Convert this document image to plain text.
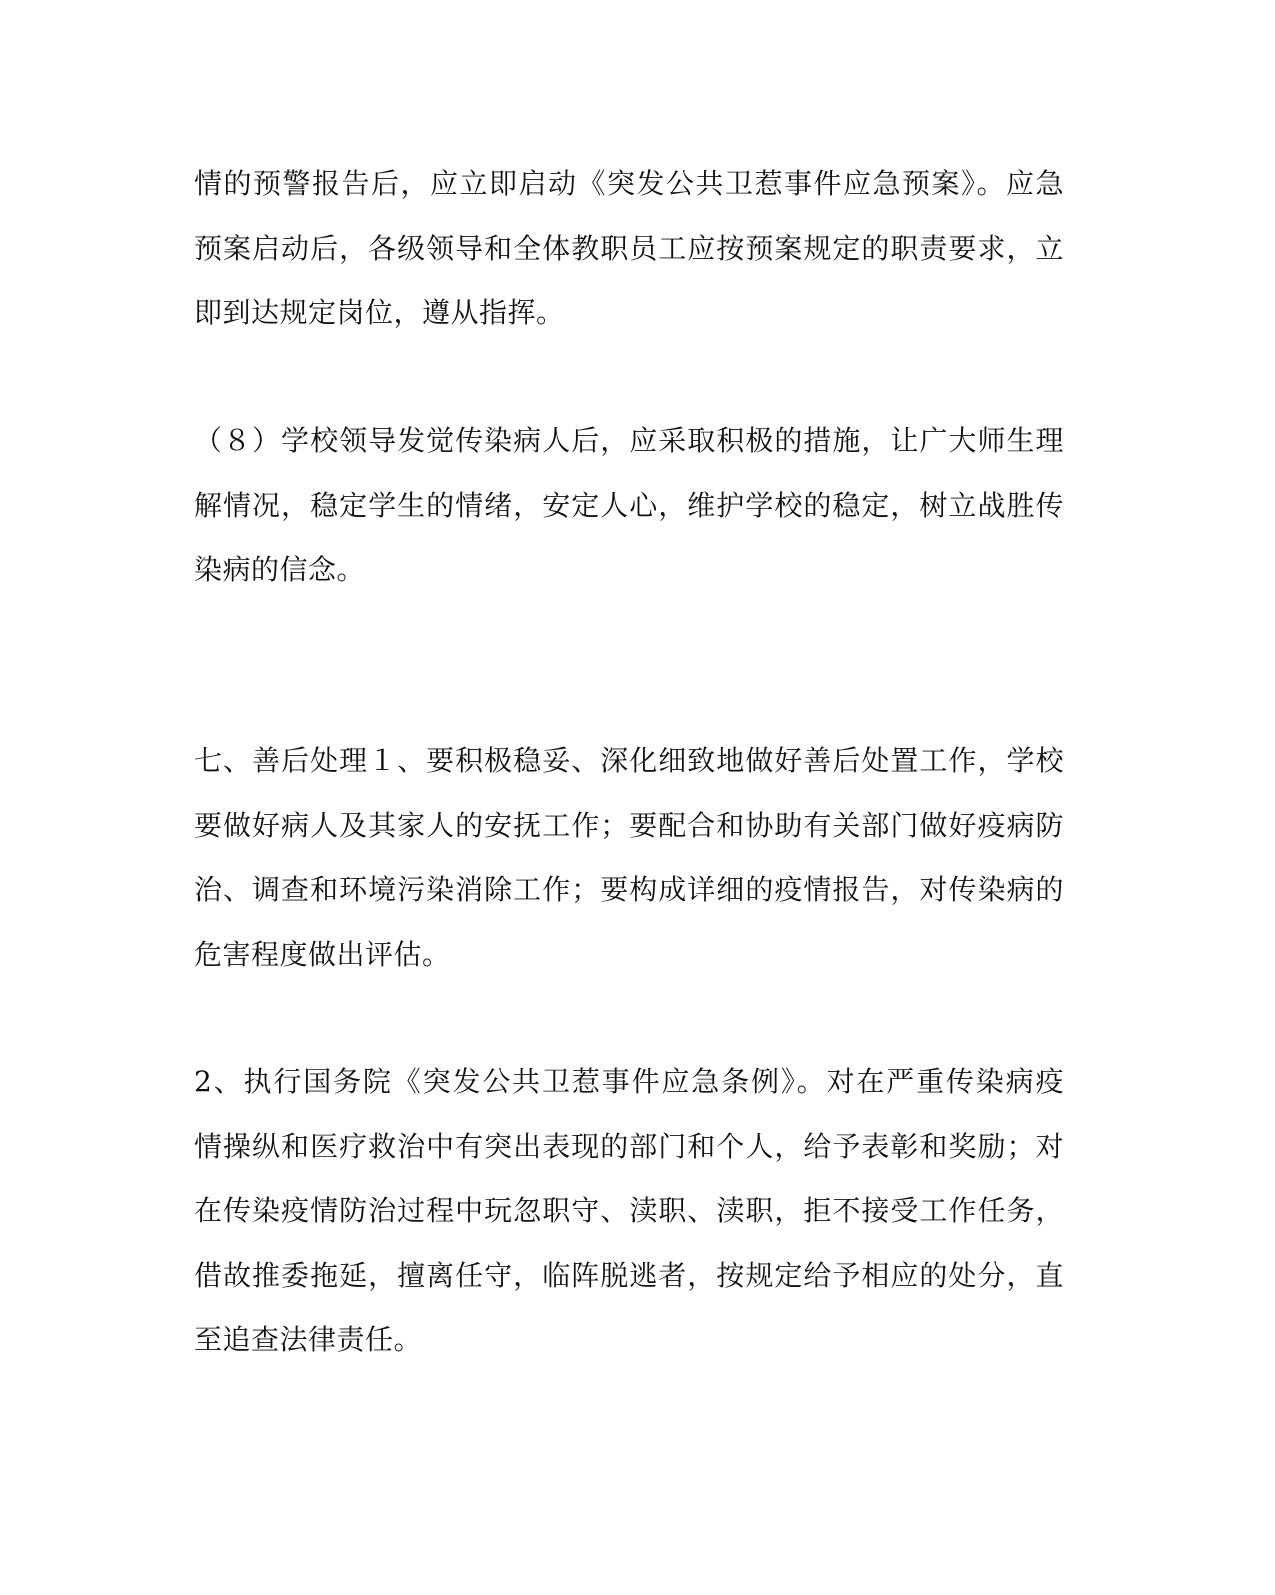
情的预警报告后，应立即启动《突发公共卫惹事件应急预案》。应急
预案启动后，各级领导和全体教职员工应按预案规定的职责要求，立
即到达规定岗位，遵从指挥。

（８）学校领导发觉传染病人后，应采取积极的措施，让广大师生理
解情况，稳定学生的情绪，安定人心，维护学校的稳定，树立战胜传
染病的信念。

七、善后处理１、要积极稳妥、深化细致地做好善后处置工作，学校
要做好病人及其家人的安抚工作；要配合和协助有关部门做好疫病防
治、调查和环境污染消除工作；要构成详细的疫情报告，对传染病的
危害程度做出评估。

2、执行国务院《突发公共卫惹事件应急条例》。对在严重传染病疫
情操纵和医疗救治中有突出表现的部门和个人，给予表彰和奖励；对
在传染疫情防治过程中玩忽职守、渎职、渎职，拒不接受工作任务，
借故推委拖延，擅离任守，临阵脱逃者，按规定给予相应的处分，直
至追查法律责任。
